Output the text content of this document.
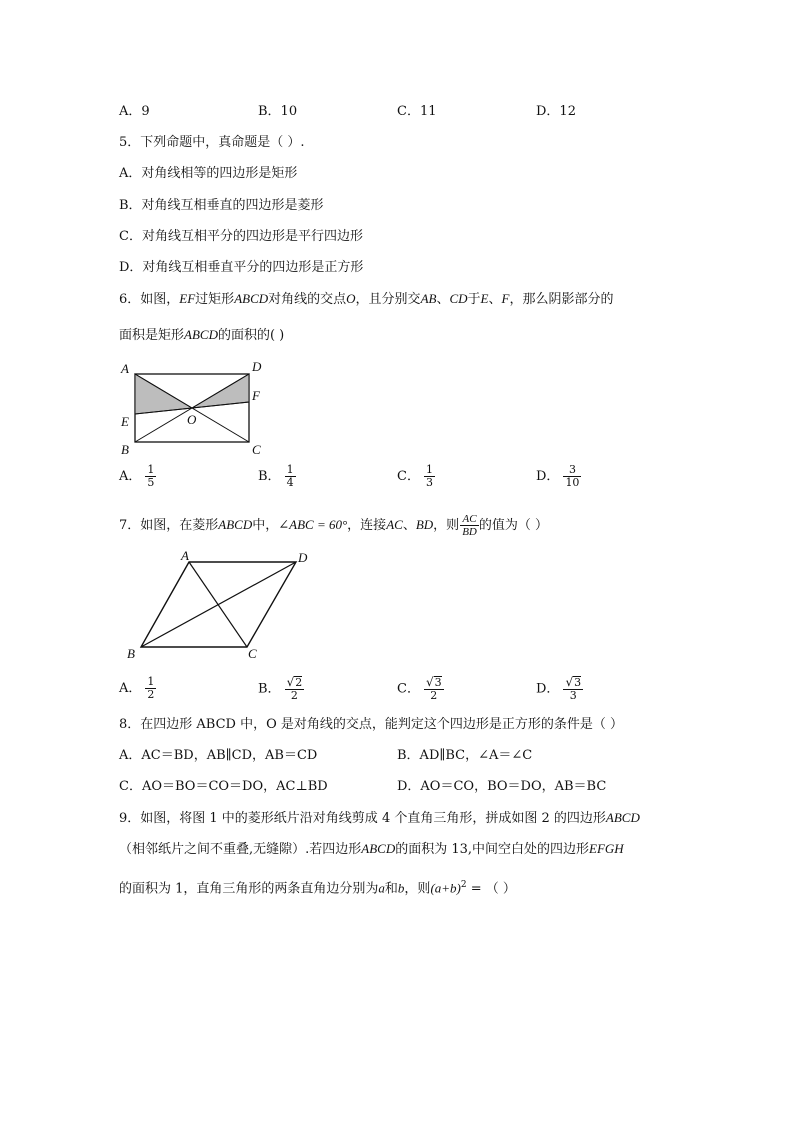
A．9	B．10	C．11	D．12
5．下列命题中，真命题是（ ）.
A．对角线相等的四边形是矩形
B．对角线互相垂直的四边形是菱形
C．对角线互相平分的四边形是平行四边形
D．对角线互相垂直平分的四边形是正方形
6．如图，EF过矩形ABCD对角线的交点O，且分别交AB、CD于E、F，那么阴影部分的
面积是矩形ABCD的面积的( )
A	D
F
E	O
B	C
A． $\frac{1}{5}$	B． $\frac{1}{4}$	C． $\frac{1}{3}$	D． $\frac{3}{10}$
7．如图，在菱形ABCD中，∠ABC = 60°，连接AC、BD，则 $\frac{AC}{BD}$ 的值为（ ）
A	D
B	C
A． $\frac{1}{2}$	B． $\frac{√2}{2}$	C． $\frac{√3}{2}$	D． $\frac{√3}{3}$
8．在四边形 ABCD 中，O 是对角线的交点，能判定这个四边形是正方形的条件是（ ）
A．AC＝BD，AB∥CD，AB＝CD	B．AD∥BC，∠A＝∠C
C．AO＝BO＝CO＝DO，AC⊥BD	D．AO＝CO，BO＝DO，AB＝BC
9．如图，将图 1 中的菱形纸片沿对角线剪成 4 个直角三角形，拼成如图 2 的四边形ABCD
（相邻纸片之间不重叠,无缝隙）.若四边形ABCD的面积为 13,中间空白处的四边形EFGH
的面积为 1，直角三角形的两条直角边分别为a和b，则$(a+b)^2$ = （ ）
